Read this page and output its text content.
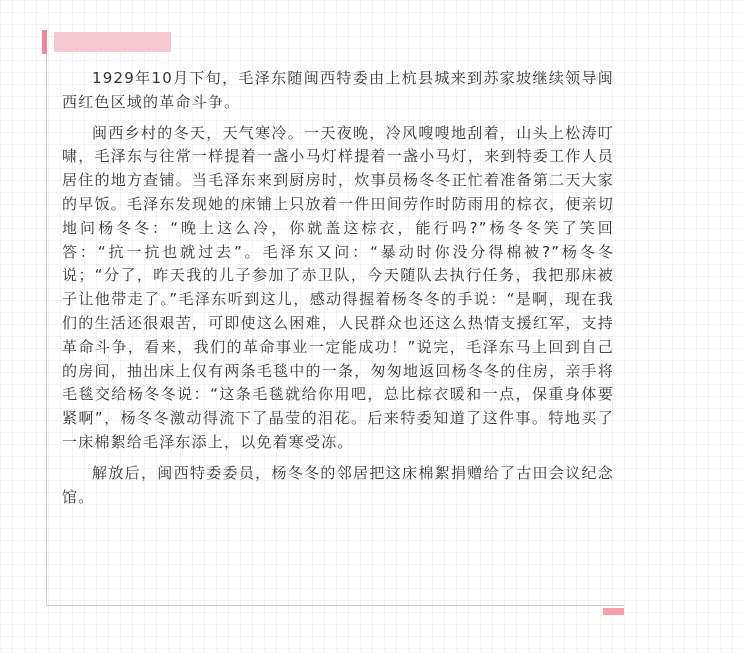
1929年10月下旬，毛泽东随闽西特委由上杭县城来到苏家坡继续领导闽西红色区域的革命斗争。

闽西乡村的冬天，天气寒冷。一天夜晚，冷风嗖嗖地刮着，山头上松涛叮啸，毛泽东与往常一样提着一盏小马灯样提着一盏小马灯，来到特委工作人员居住的地方查铺。当毛泽东来到厨房时，炊事员杨冬冬正忙着准备第二天大家的早饭。毛泽东发现她的床铺上只放着一件田间劳作时防雨用的棕衣，便亲切地问杨冬冬：“晚上这么冷，你就盖这棕衣，能行吗?”杨冬冬笑了笑回答：“抗一抗也就过去”。毛泽东又问：“暴动时你没分得棉被?”杨冬冬说；“分了，昨天我的儿子参加了赤卫队，今天随队去执行任务，我把那床被子让他带走了。”毛泽东听到这儿，感动得握着杨冬冬的手说：“是啊，现在我们的生活还很艰苦，可即使这么困难，人民群众也还这么热情支援红军，支持革命斗争，看来，我们的革命事业一定能成功！”说完，毛泽东马上回到自己的房间，抽出床上仅有两条毛毯中的一条，匆匆地返回杨冬冬的住房，亲手将毛毯交给杨冬冬说：“这条毛毯就给你用吧，总比棕衣暖和一点，保重身体要紧啊”，杨冬冬激动得流下了晶莹的泪花。后来特委知道了这件事。特地买了一床棉絮给毛泽东添上，以免着寒受冻。

解放后，闽西特委委员，杨冬冬的邻居把这床棉絮捐赠给了古田会议纪念馆。
